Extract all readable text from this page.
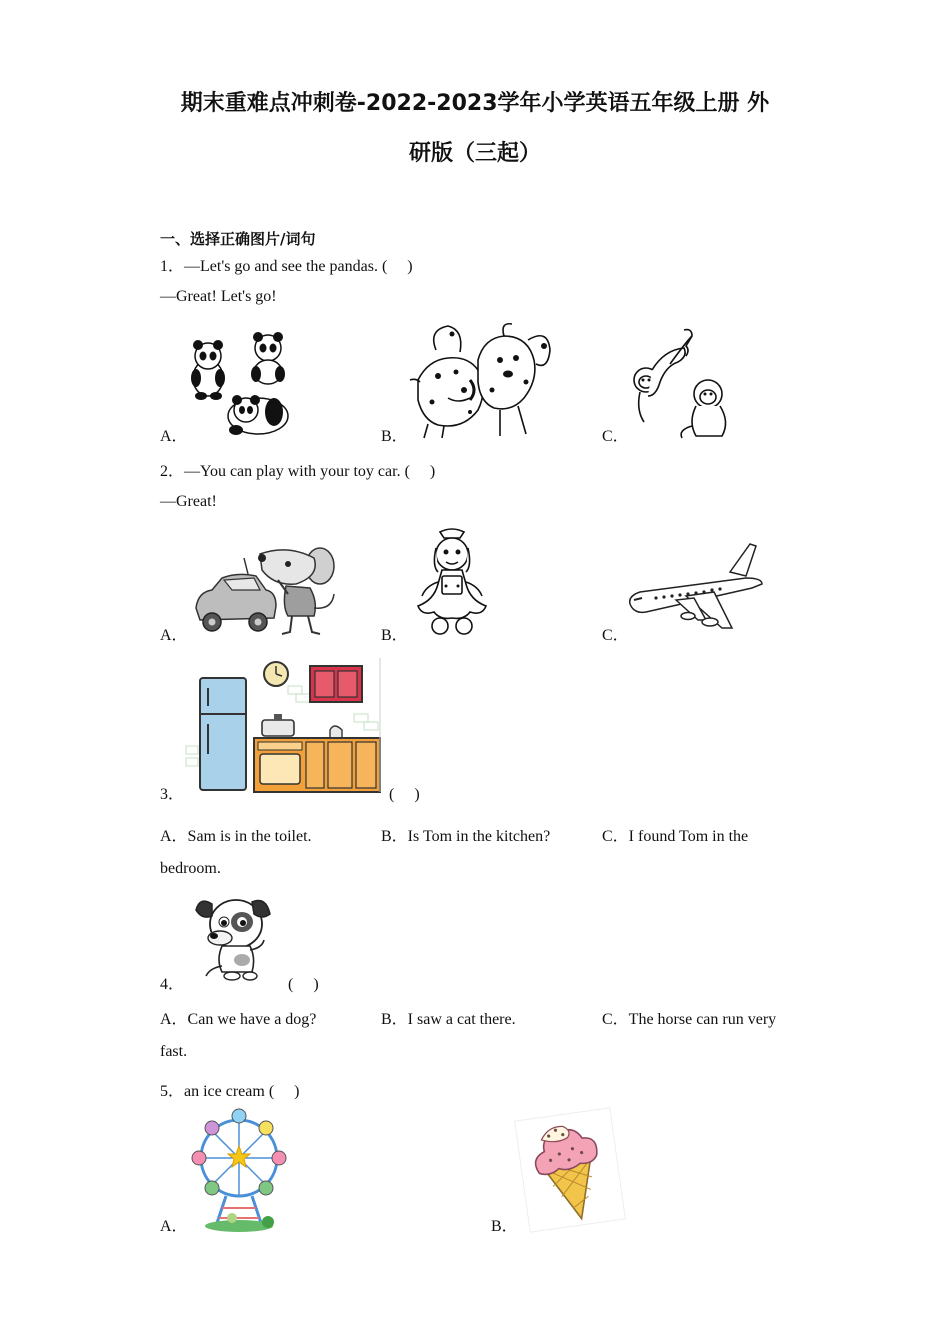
期末重难点冲刺卷-2022-2023学年小学英语五年级上册 外
研版（三起）
一、选择正确图片/词句
1．—Let's go and see the pandas. (　 )
—Great! Let's go!
A．	B．	C．
2．—You can play with your toy car. (　 )
—Great!
A．	B．	C．
3．	(　 )
A．Sam is in the toilet.	B．Is Tom in the kitchen?	C．I found Tom in the
bedroom.
4．	(　 )
A．Can we have a dog?	B．I saw a cat there.	C．The horse can run very
fast.
5．an ice cream (　 )
A．	B．
